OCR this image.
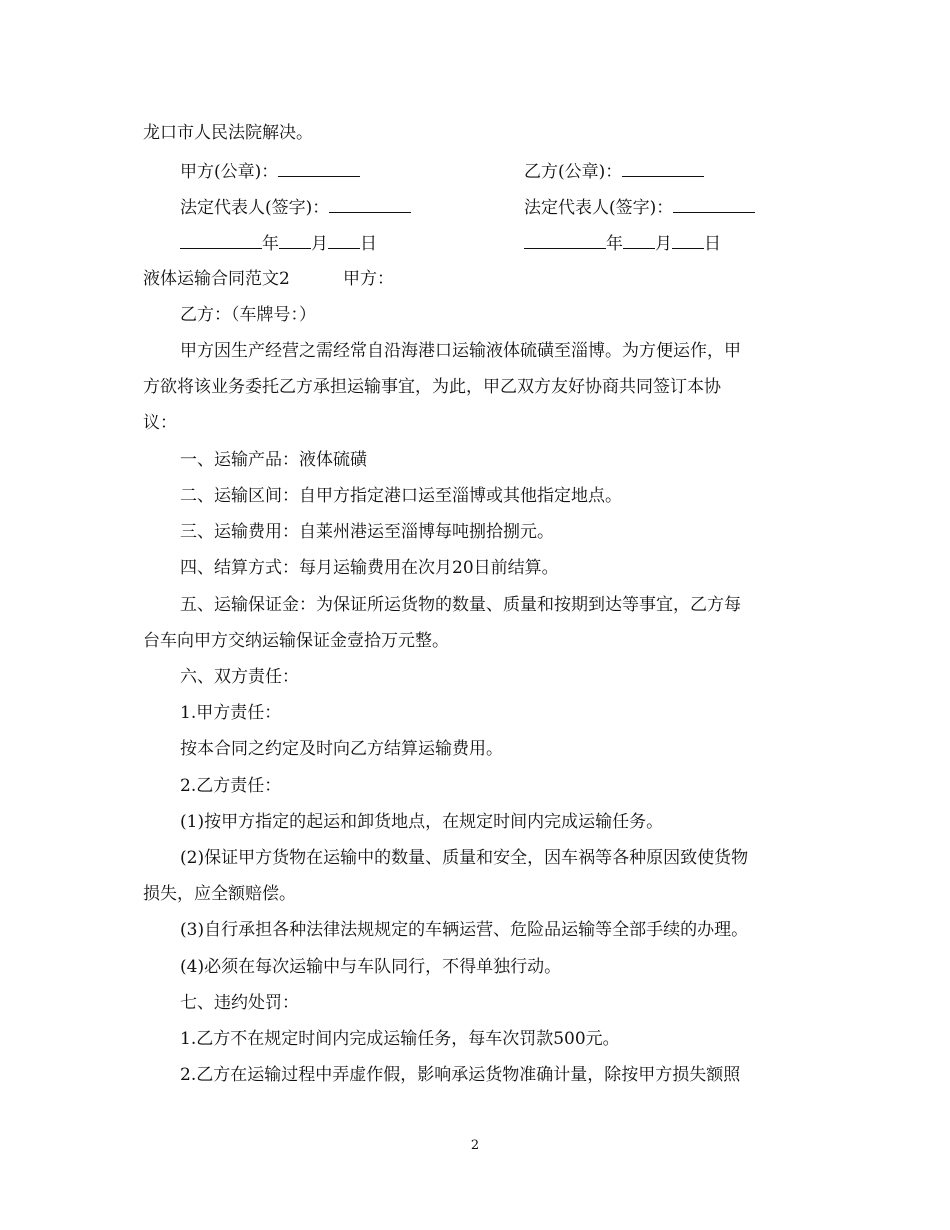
龙口市人民法院解决。
甲方(公章)：	乙方(公章)：
法定代表人(签字)：	法定代表人(签字)：
年 月 日	年 月 日
液体运输合同范文2	甲方：
乙方：（车牌号：）
甲方因生产经营之需经常自沿海港口运输液体硫磺至淄博。为方便运作，甲
方欲将该业务委托乙方承担运输事宜，为此，甲乙双方友好协商共同签订本协
议：
一、运输产品：液体硫磺
二、运输区间：自甲方指定港口运至淄博或其他指定地点。
三、运输费用：自莱州港运至淄博每吨捌拾捌元。
四、结算方式：每月运输费用在次月20日前结算。
五、运输保证金：为保证所运货物的数量、质量和按期到达等事宜，乙方每
台车向甲方交纳运输保证金壹拾万元整。
六、双方责任：
1.甲方责任：
按本合同之约定及时向乙方结算运输费用。
2.乙方责任：
(1)按甲方指定的起运和卸货地点，在规定时间内完成运输任务。
(2)保证甲方货物在运输中的数量、质量和安全，因车祸等各种原因致使货物
损失，应全额赔偿。
(3)自行承担各种法律法规规定的车辆运营、危险品运输等全部手续的办理。
(4)必须在每次运输中与车队同行，不得单独行动。
七、违约处罚：
1.乙方不在规定时间内完成运输任务，每车次罚款500元。
2.乙方在运输过程中弄虚作假，影响承运货物准确计量，除按甲方损失额照
2
